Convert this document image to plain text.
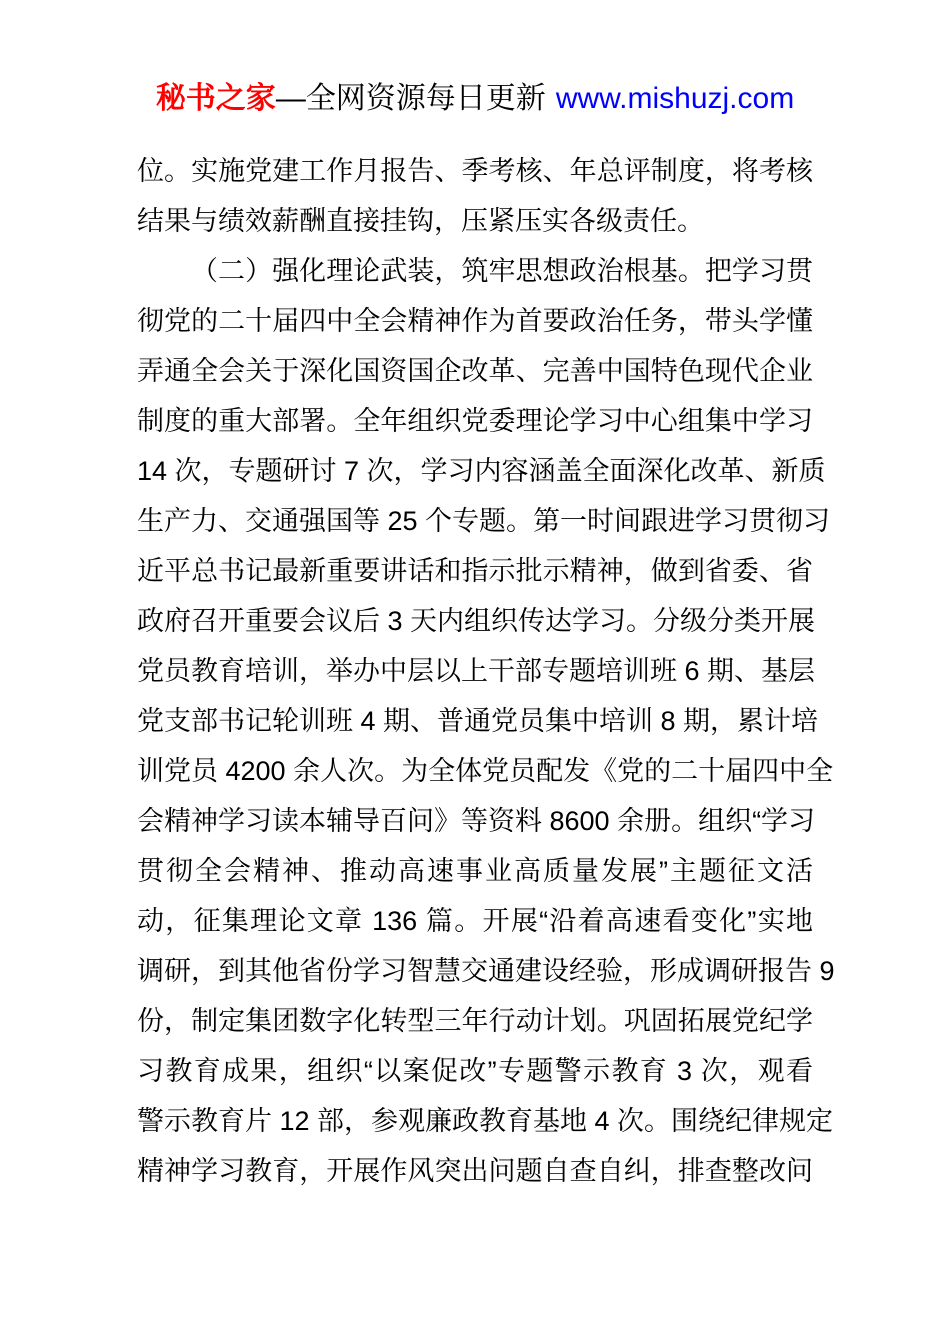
秘书之家—全网资源每日更新 www.mishuzj.com
位。实施党建工作月报告、季考核、年总评制度，将考核
结果与绩效薪酬直接挂钩，压紧压实各级责任。
（二）强化理论武装，筑牢思想政治根基。把学习贯
彻党的二十届四中全会精神作为首要政治任务，带头学懂
弄通全会关于深化国资国企改革、完善中国特色现代企业
制度的重大部署。全年组织党委理论学习中心组集中学习
14 次，专题研讨 7 次，学习内容涵盖全面深化改革、新质
生产力、交通强国等 25 个专题。第一时间跟进学习贯彻习
近平总书记最新重要讲话和指示批示精神，做到省委、省
政府召开重要会议后 3 天内组织传达学习。分级分类开展
党员教育培训，举办中层以上干部专题培训班 6 期、基层
党支部书记轮训班 4 期、普通党员集中培训 8 期，累计培
训党员 4200 余人次。为全体党员配发《党的二十届四中全
会精神学习读本辅导百问》等资料 8600 余册。组织“学习
贯彻全会精神、推动高速事业高质量发展”主题征文活
动，征集理论文章 136 篇。开展“沿着高速看变化”实地
调研，到其他省份学习智慧交通建设经验，形成调研报告 9
份，制定集团数字化转型三年行动计划。巩固拓展党纪学
习教育成果，组织“以案促改”专题警示教育 3 次，观看
警示教育片 12 部，参观廉政教育基地 4 次。围绕纪律规定
精神学习教育，开展作风突出问题自查自纠，排查整改问
